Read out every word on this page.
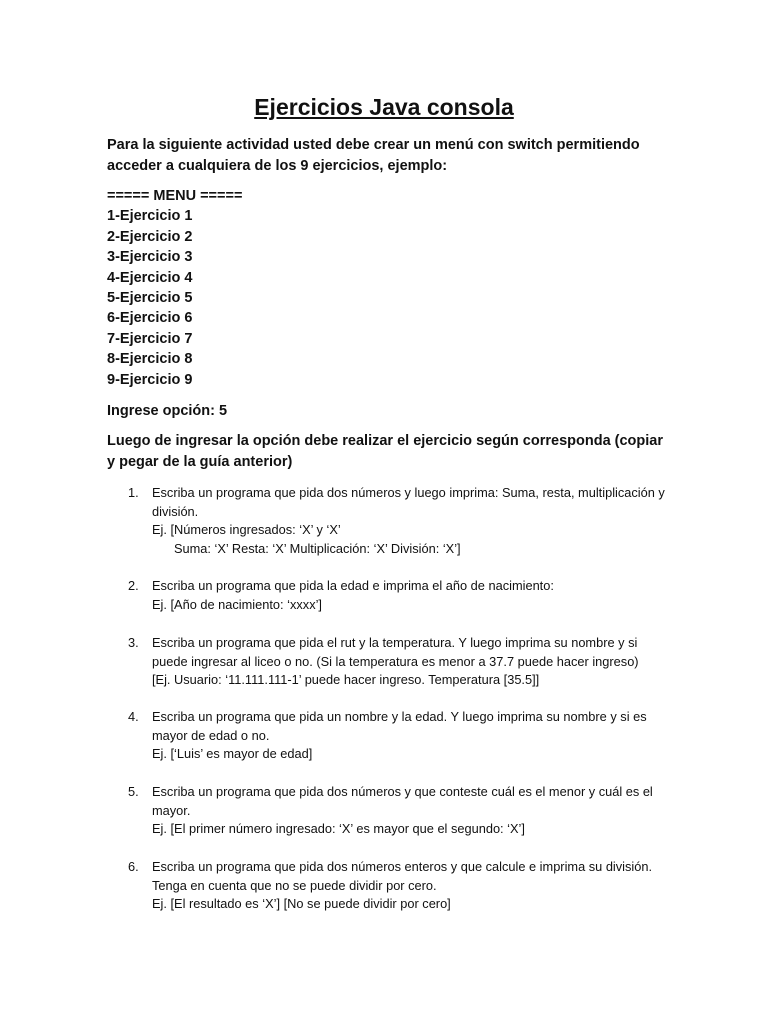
Ejercicios Java consola
Para la siguiente actividad usted debe crear un menú con switch permitiendo acceder a cualquiera de los 9 ejercicios, ejemplo:
===== MENU =====
1-Ejercicio 1
2-Ejercicio 2
3-Ejercicio 3
4-Ejercicio 4
5-Ejercicio 5
6-Ejercicio 6
7-Ejercicio 7
8-Ejercicio 8
9-Ejercicio 9
Ingrese opción: 5
Luego de ingresar la opción debe realizar el ejercicio según corresponda (copiar y pegar de la guía anterior)
1.	Escriba un programa que pida dos números y luego imprima: Suma, resta, multiplicación y división.
Ej. [Números ingresados: ‘X’ y ‘X’
Suma: ‘X’ Resta: ‘X’ Multiplicación: ‘X’ División: ‘X’]
2.	Escriba un programa que pida la edad e imprima el año de nacimiento:
Ej. [Año de nacimiento: ‘xxxx’]
3.	Escriba un programa que pida el rut y la temperatura. Y luego imprima su nombre y si puede ingresar al liceo o no. (Si la temperatura es menor a 37.7 puede hacer ingreso)
[Ej. Usuario: ‘11.111.111-1’ puede hacer ingreso. Temperatura [35.5]]
4.	Escriba un programa que pida un nombre y la edad. Y luego imprima su nombre y si es mayor de edad o no.
Ej. [‘Luis’ es mayor de edad]
5.	Escriba un programa que pida dos números y que conteste cuál es el menor y cuál es el mayor.
Ej. [El primer número ingresado: ‘X’ es mayor que el segundo: ‘X’]
6.	Escriba un programa que pida dos números enteros y que calcule e imprima su división. Tenga en cuenta que no se puede dividir por cero.
Ej. [El resultado es ‘X’] [No se puede dividir por cero]
